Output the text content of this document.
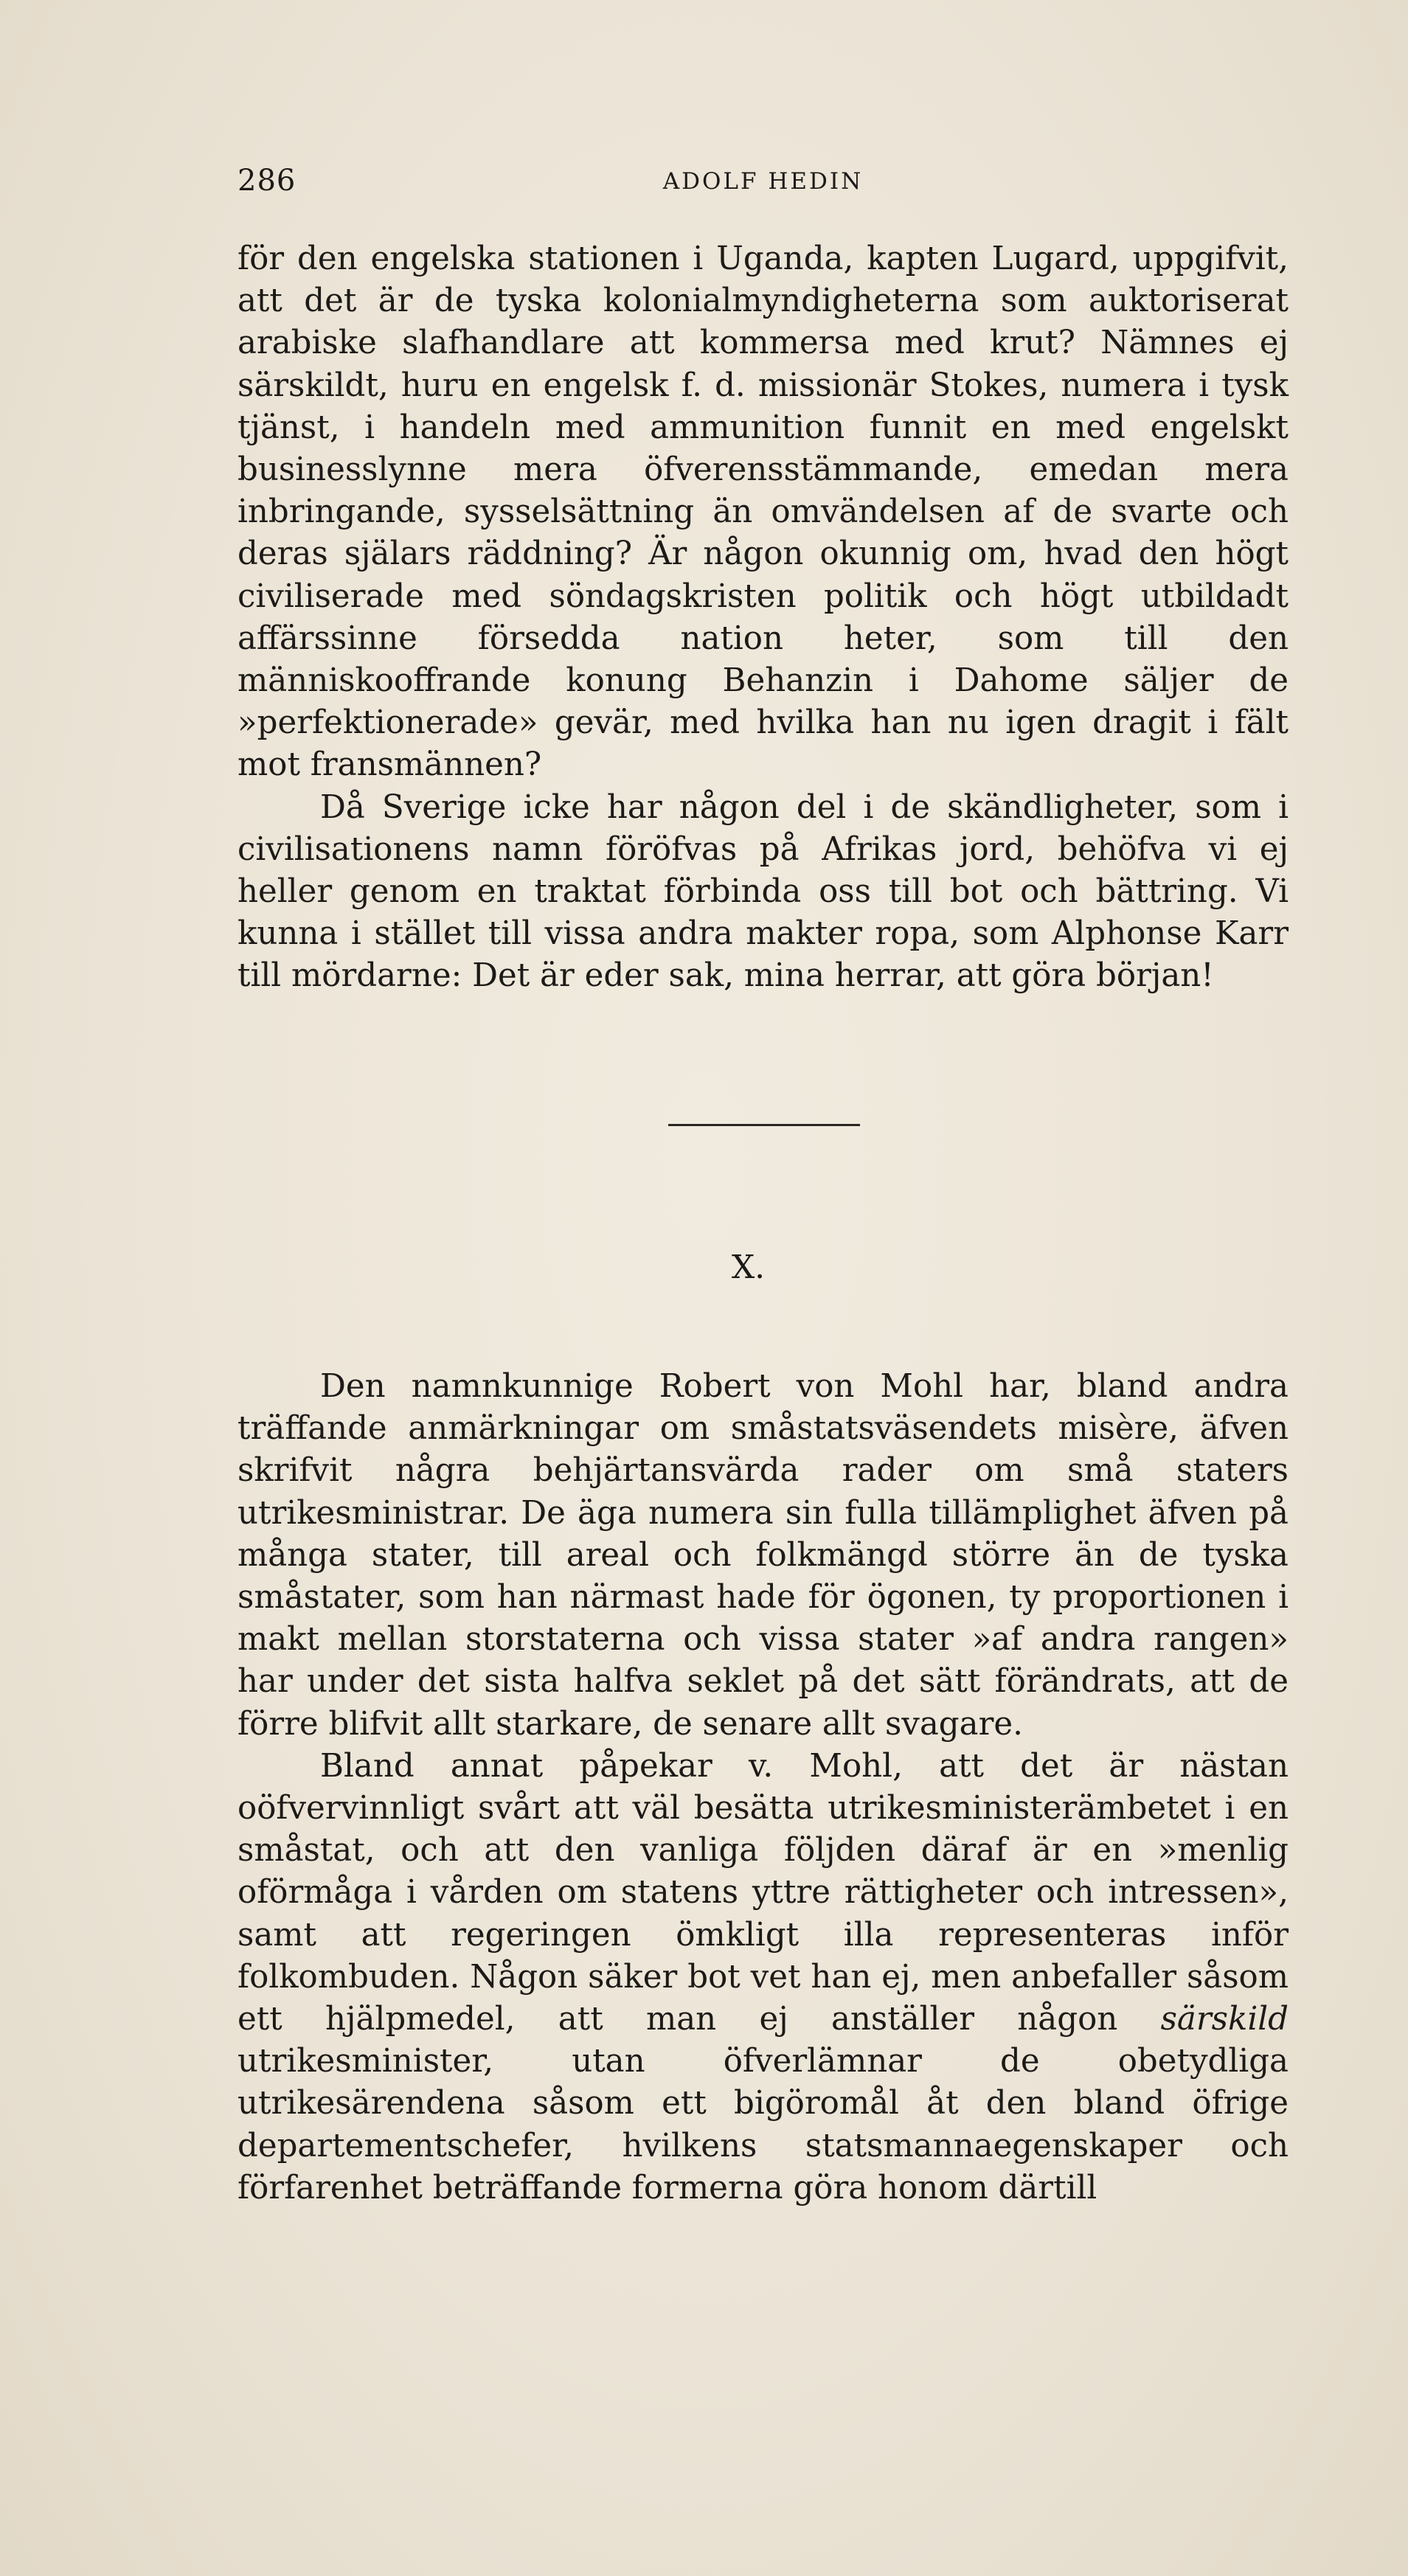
286	ADOLF HEDIN

för den engelska stationen i Uganda, kapten Lugard, uppgifvit, att det är de tyska kolonialmyndigheterna som auktoriserat arabiske slafhandlare att kommersa med krut? Nämnes ej särskildt, huru en engelsk f. d. missionär Stokes, numera i tysk tjänst, i handeln med ammunition funnit en med engelskt businesslynne mera öfverensstämmande, emedan mera inbringande, sysselsättning än omvändelsen af de svarte och deras själars räddning? Är någon okunnig om, hvad den högt civiliserade med söndagskristen politik och högt utbildadt affärssinne försedda nation heter, som till den människooffrande konung Behanzin i Dahome säljer de »perfektionerade» gevär, med hvilka han nu igen dragit i fält mot fransmännen?

Då Sverige icke har någon del i de skändligheter, som i civilisationens namn föröfvas på Afrikas jord, behöfva vi ej heller genom en traktat förbinda oss till bot och bättring. Vi kunna i stället till vissa andra makter ropa, som Alphonse Karr till mördarne: Det är eder sak, mina herrar, att göra början!

X.

Den namnkunnige Robert von Mohl har, bland andra träffande anmärkningar om småstatsväsendets misère, äfven skrifvit några behjärtansvärda rader om små staters utrikesministrar. De äga numera sin fulla tillämplighet äfven på många stater, till areal och folkmängd större än de tyska småstater, som han närmast hade för ögonen, ty proportionen i makt mellan storstaterna och vissa stater »af andra rangen» har under det sista halfva seklet på det sätt förändrats, att de förre blifvit allt starkare, de senare allt svagare.

Bland annat påpekar v. Mohl, att det är nästan oöfvervinnligt svårt att väl besätta utrikesministerämbetet i en småstat, och att den vanliga följden däraf är en »menlig oförmåga i vården om statens yttre rättigheter och intressen», samt att regeringen ömkligt illa representeras inför folkombuden. Någon säker bot vet han ej, men anbefaller såsom ett hjälpmedel, att man ej anställer någon särskild utrikesminister, utan öfverlämnar de obetydliga utrikesärendena såsom ett bigöromål åt den bland öfrige departementschefer, hvilkens statsmannaegenskaper och förfarenhet beträffande formerna göra honom därtill
